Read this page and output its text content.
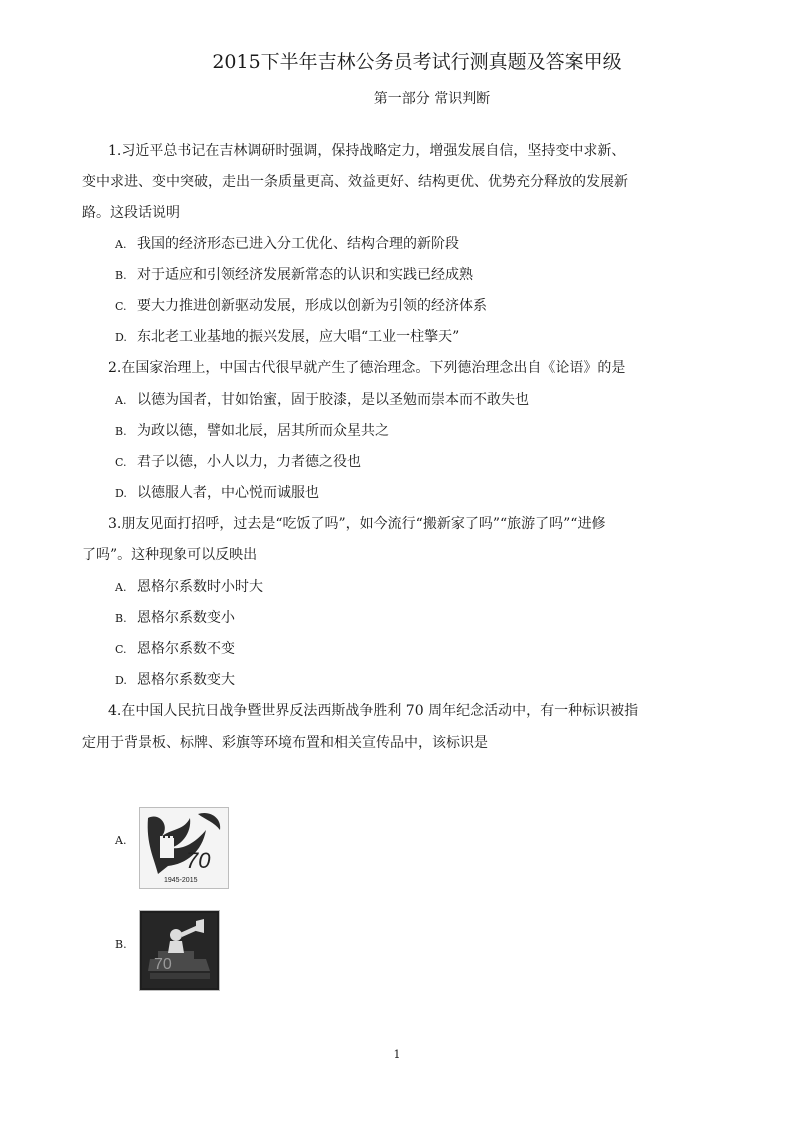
2015下半年吉林公务员考试行测真题及答案甲级
第一部分 常识判断
1.习近平总书记在吉林调研时强调，保持战略定力，增强发展自信，坚持变中求新、
变中求进、变中突破，走出一条质量更高、效益更好、结构更优、优势充分释放的发展新
路。这段话说明
A. 我国的经济形态已进入分工优化、结构合理的新阶段
B. 对于适应和引领经济发展新常态的认识和实践已经成熟
C. 要大力推进创新驱动发展，形成以创新为引领的经济体系
D. 东北老工业基地的振兴发展，应大唱“工业一柱擎天”
2.在国家治理上，中国古代很早就产生了德治理念。下列德治理念出自《论语》的是
A. 以德为国者，甘如饴蜜，固于胶漆，是以圣勉而崇本而不敢失也
B. 为政以德，譬如北辰，居其所而众星共之
C. 君子以德，小人以力，力者德之役也
D. 以德服人者，中心悦而诚服也
3.朋友见面打招呼，过去是“吃饭了吗”，如今流行“搬新家了吗”“旅游了吗”“进修
了吗”。这种现象可以反映出
A. 恩格尔系数时小时大
B. 恩格尔系数变小
C. 恩格尔系数不变
D. 恩格尔系数变大
4.在中国人民抗日战争暨世界反法西斯战争胜利 70 周年纪念活动中，有一种标识被指
定用于背景板、标牌、彩旗等环境布置和相关宣传品中，该标识是
A.
70
1945-2015
B.
70
1
